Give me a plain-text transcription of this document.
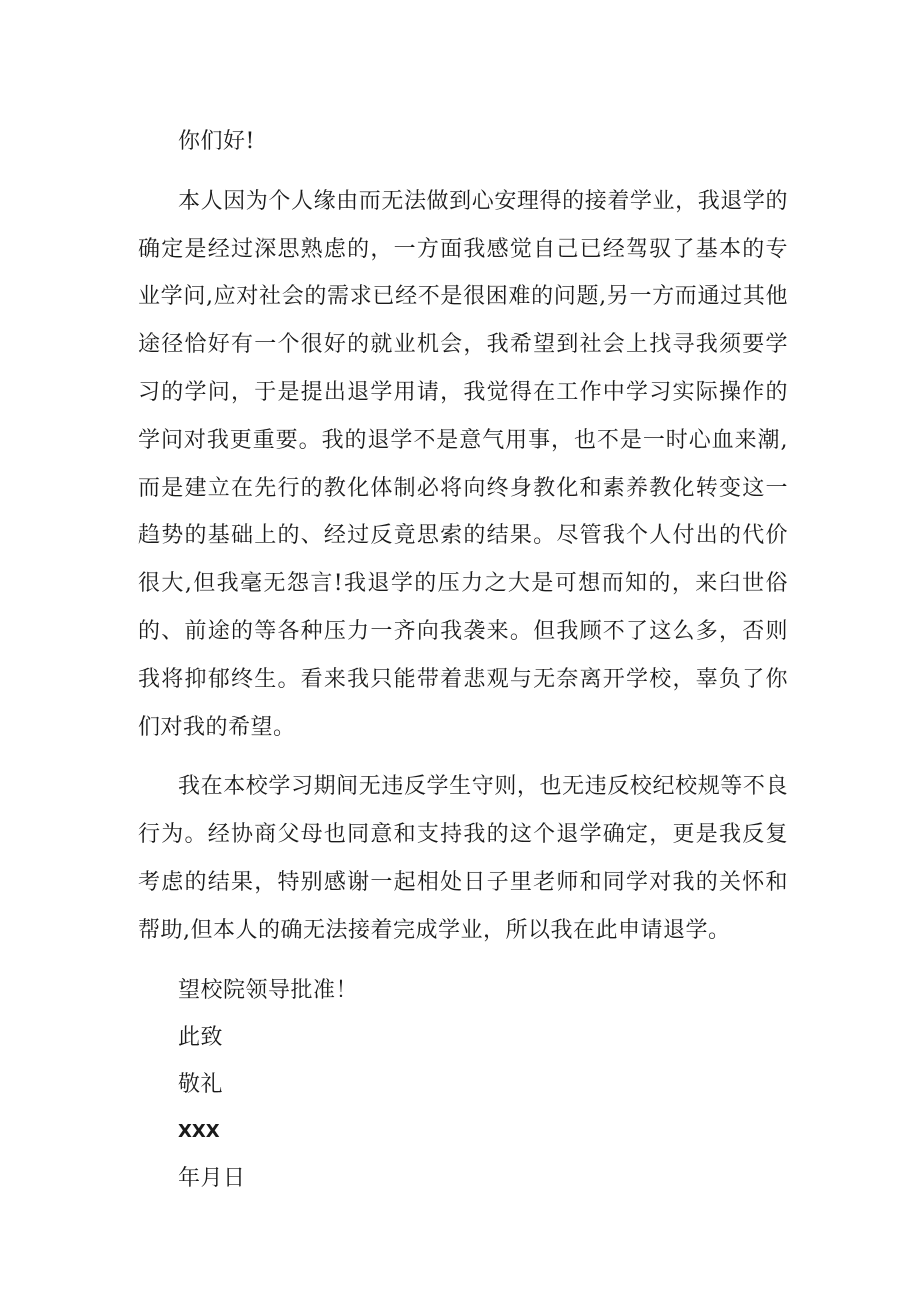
你们好!

本人因为个人缘由而无法做到心安理得的接着学业，我退学的确定是经过深思熟虑的，一方面我感觉自己已经驾驭了基本的专业学问,应对社会的需求已经不是很困难的问题,另一方而通过其他途径恰好有一个很好的就业机会，我希望到社会上找寻我须要学习的学问，于是提出退学用请，我觉得在工作中学习实际操作的学问对我更重要。我的退学不是意气用事，也不是一时心血来潮,而是建立在先行的教化体制必将向终身教化和素养教化转变这一趋势的基础上的、经过反竟思索的结果。尽管我个人付出的代价很大,但我毫无怨言!我退学的压力之大是可想而知的，来臼世俗的、前途的等各种压力一齐向我袭来。但我顾不了这么多，否则我将抑郁终生。看来我只能带着悲观与无奈离开学校，辜负了你们对我的希望。

我在本校学习期间无违反学生守则，也无违反校纪校规等不良行为。经协商父母也同意和支持我的这个退学确定，更是我反复考虑的结果，特别感谢一起相处日子里老师和同学对我的关怀和帮助,但本人的确无法接着完成学业，所以我在此申请退学。

望校院领导批准！

此致

敬礼

XXX

年月日
